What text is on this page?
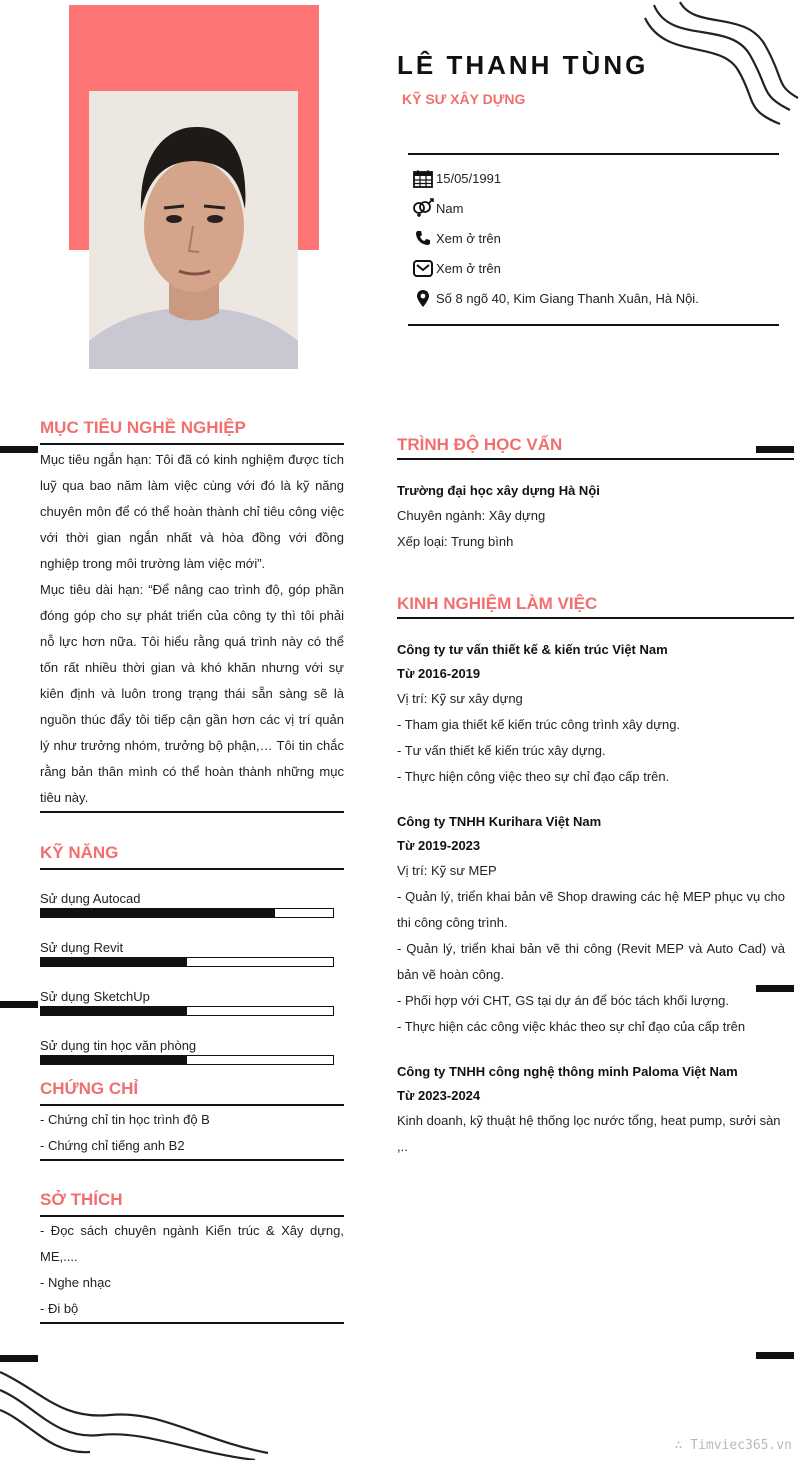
LÊ THANH TÙNG
KỸ SƯ XÂY DỰNG
15/05/1991
Nam
Xem ở trên
Xem ở trên
Số 8 ngõ 40, Kim Giang Thanh Xuân, Hà Nội.
MỤC TIÊU NGHỀ NGHIỆP
Mục tiêu ngắn hạn: Tôi đã có kinh nghiệm được tích luỹ qua bao năm làm việc cùng với đó là kỹ năng chuyên môn để có thể hoàn thành chỉ tiêu công việc với thời gian ngắn nhất và hòa đồng với đồng nghiệp trong môi trường làm việc mới”.
Mục tiêu dài hạn: “Để nâng cao trình độ, góp phần đóng góp cho sự phát triển của công ty thì tôi phải nỗ lực hơn nữa. Tôi hiểu rằng quá trình này có thể tốn rất nhiều thời gian và khó khăn nhưng với sự kiên định và luôn trong trạng thái sẵn sàng sẽ là nguồn thúc đẩy tôi tiếp cận gần hơn các vị trí quản lý như trưởng nhóm, trưởng bộ phận,… Tôi tin chắc rằng bản thân mình có thể hoàn thành những mục tiêu này.
KỸ NĂNG
Sử dụng Autocad
Sử dụng Revit
Sử dụng SketchUp
Sử dụng tin học văn phòng
CHỨNG CHỈ
- Chứng chỉ tin học trình độ B
- Chứng chỉ tiếng anh B2
SỞ THÍCH
- Đọc sách chuyên ngành Kiến trúc & Xây dựng, ME,....
- Nghe nhạc
- Đi bộ
TRÌNH ĐỘ HỌC VẤN
Trường đại học xây dựng Hà Nội
Chuyên ngành: Xây dựng
Xếp loại: Trung bình
KINH NGHIỆM LÀM VIỆC
Công ty tư vấn thiết kế & kiến trúc Việt Nam
Từ 2016-2019
Vị trí: Kỹ sư xây dựng
- Tham gia thiết kế kiến trúc công trình xây dựng.
- Tư vấn thiết kế kiến trúc xây dựng.
- Thực hiện công việc theo sự chỉ đạo cấp trên.
Công ty TNHH Kurihara Việt Nam
Từ 2019-2023
Vị trí: Kỹ sư MEP
- Quản lý, triển khai bản vẽ Shop drawing các hệ MEP phục vụ cho thi công công trình.
- Quản lý, triển khai bản vẽ thi công (Revit MEP và Auto Cad) và bản vẽ hoàn công.
- Phối hợp với CHT, GS tại dự án để bóc tách khối lượng.
- Thực hiện các công việc khác theo sự chỉ đạo của cấp trên
Công ty TNHH công nghệ thông minh Paloma Việt Nam
Từ 2023-2024
Kinh doanh, kỹ thuật hệ thống lọc nước tổng, heat pump, sưởi sàn ,..
∴ Timviec365.vn
